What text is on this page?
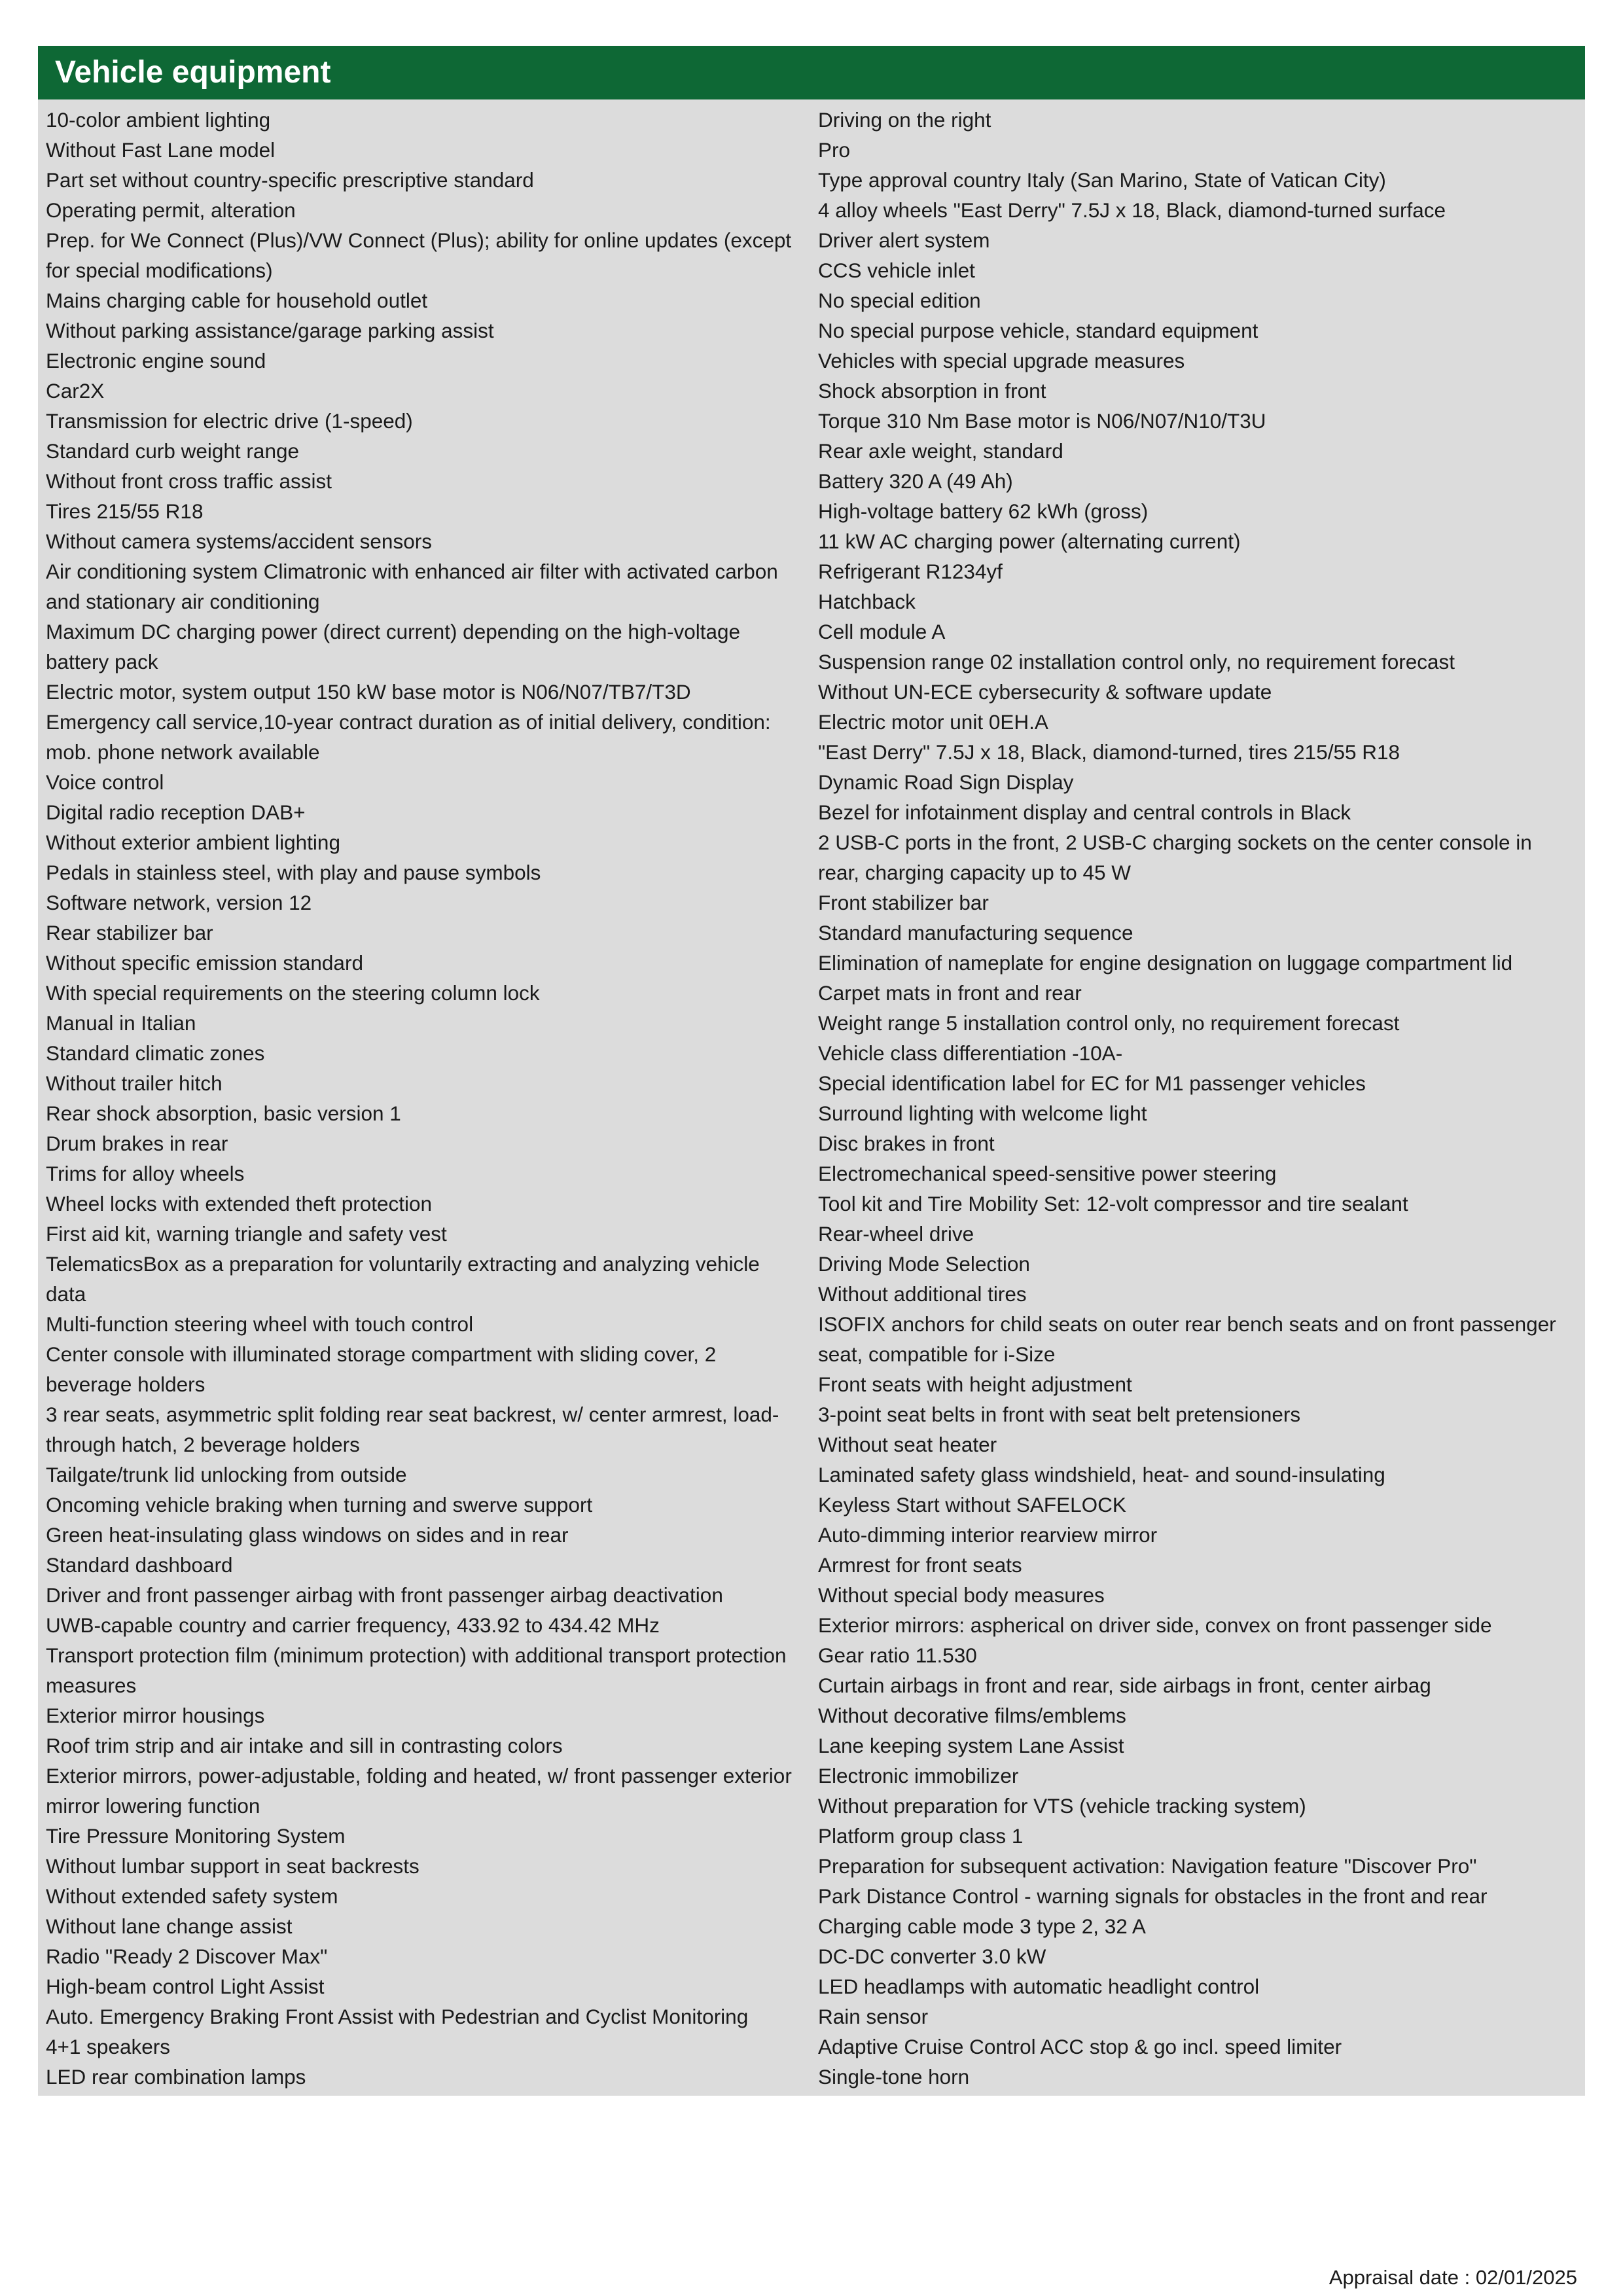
Vehicle equipment
10-color ambient lighting
Without Fast Lane model
Part set without country-specific prescriptive standard
Operating permit, alteration
Prep. for We Connect (Plus)/VW Connect (Plus); ability for online updates (except for special modifications)
Mains charging cable for household outlet
Without parking assistance/garage parking assist
Electronic engine sound
Car2X
Transmission for electric drive (1-speed)
Standard curb weight range
Without front cross traffic assist
Tires 215/55 R18
Without camera systems/accident sensors
Air conditioning system Climatronic with enhanced air filter with activated carbon and stationary air conditioning
Maximum DC charging power (direct current) depending on the high-voltage battery pack
Electric motor, system output 150 kW base motor is N06/N07/TB7/T3D
Emergency call service,10-year contract duration as of initial delivery, condition: mob. phone network available
Voice control
Digital radio reception DAB+
Without exterior ambient lighting
Pedals in stainless steel, with play and pause symbols
Software network, version 12
Rear stabilizer bar
Without specific emission standard
With special requirements on the steering column lock
Manual in Italian
Standard climatic zones
Without trailer hitch
Rear shock absorption, basic version 1
Drum brakes in rear
Trims for alloy wheels
Wheel locks with extended theft protection
First aid kit, warning triangle and safety vest
TelematicsBox as a preparation for voluntarily extracting and analyzing vehicle data
Multi-function steering wheel with touch control
Center console with illuminated storage compartment with sliding cover, 2 beverage holders
3 rear seats, asymmetric split folding rear seat backrest, w/ center armrest, load-through hatch, 2 beverage holders
Tailgate/trunk lid unlocking from outside
Oncoming vehicle braking when turning and swerve support
Green heat-insulating glass windows on sides and in rear
Standard dashboard
Driver and front passenger airbag with front passenger airbag deactivation
UWB-capable country and carrier frequency, 433.92 to 434.42 MHz
Transport protection film (minimum protection) with additional transport protection measures
Exterior mirror housings
Roof trim strip and air intake and sill in contrasting colors
Exterior mirrors, power-adjustable, folding and heated, w/ front passenger exterior mirror lowering function
Tire Pressure Monitoring System
Without lumbar support in seat backrests
Without extended safety system
Without lane change assist
Radio "Ready 2 Discover Max"
High-beam control Light Assist
Auto. Emergency Braking Front Assist with Pedestrian and Cyclist Monitoring
4+1 speakers
LED rear combination lamps
Driving on the right
Pro
Type approval country Italy (San Marino, State of Vatican City)
4 alloy wheels "East Derry" 7.5J x 18, Black, diamond-turned surface
Driver alert system
CCS vehicle inlet
No special edition
No special purpose vehicle, standard equipment
Vehicles with special upgrade measures
Shock absorption in front
Torque 310 Nm Base motor is N06/N07/N10/T3U
Rear axle weight, standard
Battery 320 A (49 Ah)
High-voltage battery 62 kWh (gross)
11 kW AC charging power (alternating current)
Refrigerant R1234yf
Hatchback
Cell module A
Suspension range 02 installation control only, no requirement forecast
Without UN-ECE cybersecurity & software update
Electric motor unit 0EH.A
"East Derry" 7.5J x 18, Black, diamond-turned, tires 215/55 R18
Dynamic Road Sign Display
Bezel for infotainment display and central controls in Black
2 USB-C ports in the front, 2 USB-C charging sockets on the center console in rear, charging capacity up to 45 W
Front stabilizer bar
Standard manufacturing sequence
Elimination of nameplate for engine designation on luggage compartment lid
Carpet mats in front and rear
Weight range 5 installation control only, no requirement forecast
Vehicle class differentiation -10A-
Special identification label for EC for M1 passenger vehicles
Surround lighting with welcome light
Disc brakes in front
Electromechanical speed-sensitive power steering
Tool kit and Tire Mobility Set: 12-volt compressor and tire sealant
Rear-wheel drive
Driving Mode Selection
Without additional tires
ISOFIX anchors for child seats on outer rear bench seats and on front passenger seat, compatible for i-Size
Front seats with height adjustment
3-point seat belts in front with seat belt pretensioners
Without seat heater
Laminated safety glass windshield, heat- and sound-insulating
Keyless Start without SAFELOCK
Auto-dimming interior rearview mirror
Armrest for front seats
Without special body measures
Exterior mirrors: aspherical on driver side, convex on front passenger side
Gear ratio 11.530
Curtain airbags in front and rear, side airbags in front, center airbag
Without decorative films/emblems
Lane keeping system Lane Assist
Electronic immobilizer
Without preparation for VTS (vehicle tracking system)
Platform group class 1
Preparation for subsequent activation: Navigation feature "Discover Pro"
Park Distance Control - warning signals for obstacles in the front and rear
Charging cable mode 3 type 2, 32 A
DC-DC converter 3.0 kW
LED headlamps with automatic headlight control
Rain sensor
Adaptive Cruise Control ACC stop & go incl. speed limiter
Single-tone horn
Appraisal date : 02/01/2025
